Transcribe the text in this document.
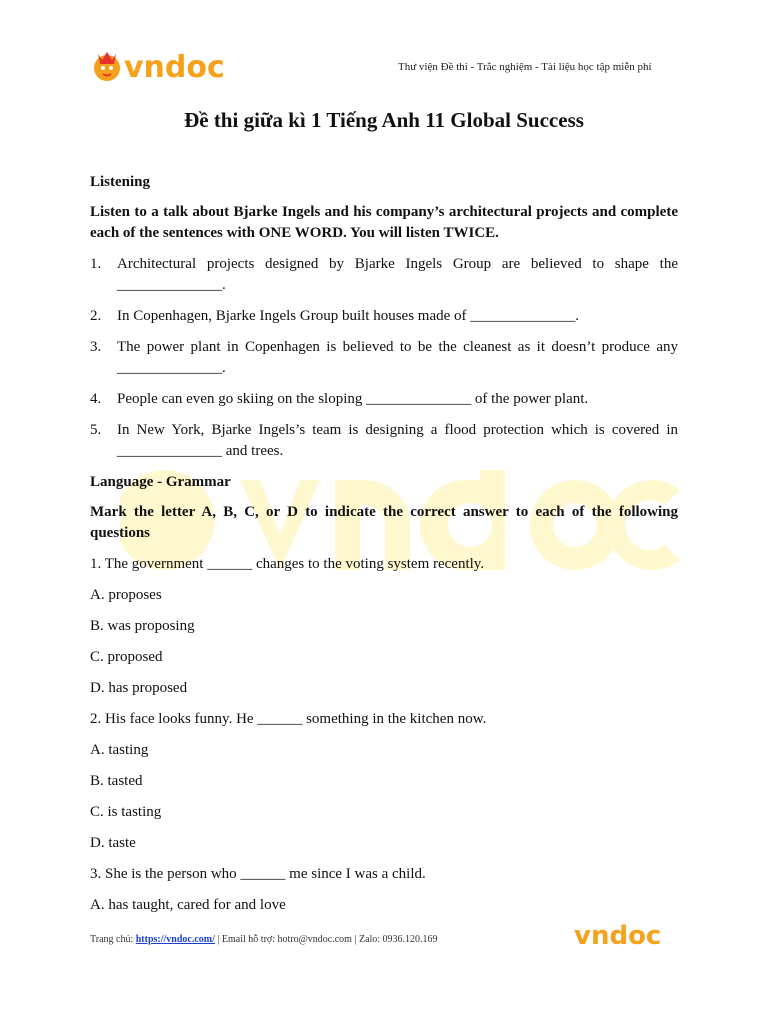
vndoc	Thư viện Đề thi - Trắc nghiệm - Tài liệu học tập miễn phí
Đề thi giữa kì 1 Tiếng Anh 11 Global Success
Listening
Listen to a talk about Bjarke Ingels and his company’s architectural projects and complete each of the sentences with ONE WORD. You will listen TWICE.
1. Architectural projects designed by Bjarke Ingels Group are believed to shape the ______________.
2. In Copenhagen, Bjarke Ingels Group built houses made of ______________.
3. The power plant in Copenhagen is believed to be the cleanest as it doesn’t produce any ______________.
4. People can even go skiing on the sloping ______________ of the power plant.
5. In New York, Bjarke Ingels’s team is designing a flood protection which is covered in ______________ and trees.
Language - Grammar
Mark the letter A, B, C, or D to indicate the correct answer to each of the following questions
1. The government ______ changes to the voting system recently.
A. proposes
B. was proposing
C. proposed
D. has proposed
2. His face looks funny. He ______ something in the kitchen now.
A. tasting
B. tasted
C. is tasting
D. taste
3. She is the person who ______ me since I was a child.
A. has taught, cared for and love
Trang chủ: https://vndoc.com/ | Email hỗ trợ: hotro@vndoc.com | Zalo: 0936.120.169	vndoc
